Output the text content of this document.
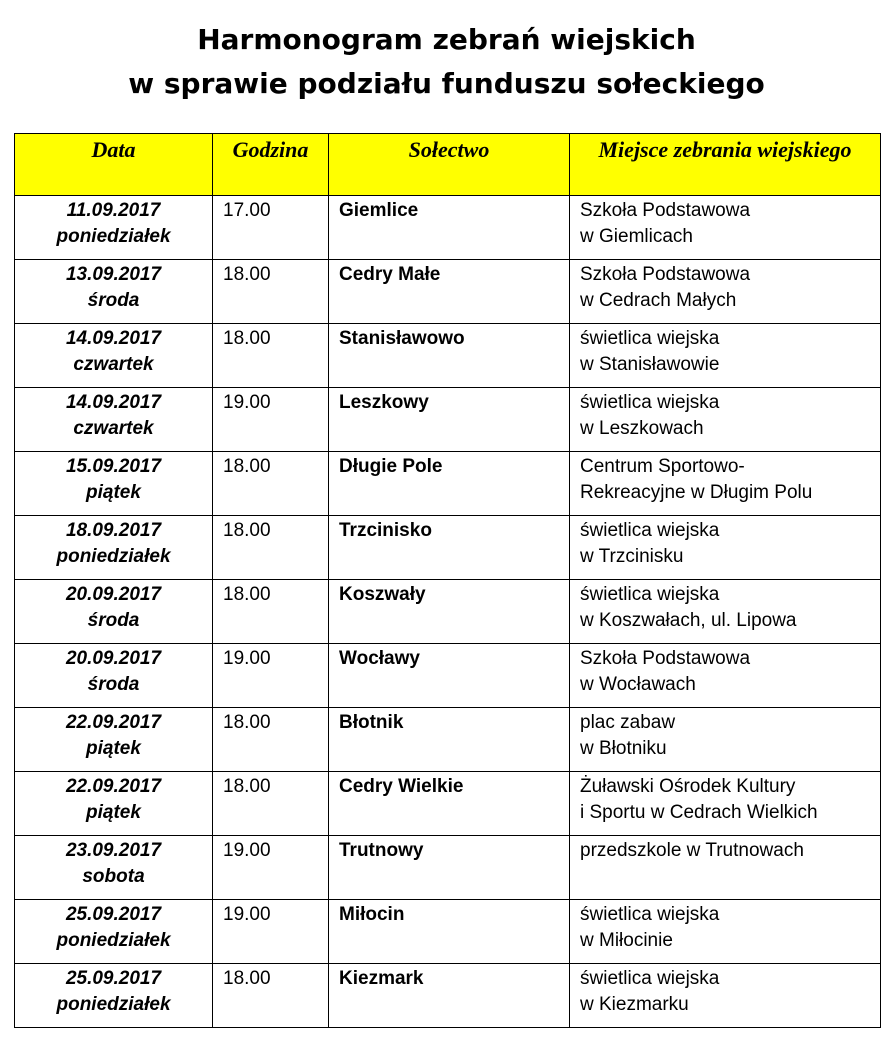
Harmonogram zebrań wiejskich
w sprawie podziału funduszu sołeckiego
Data	Godzina	Sołectwo	Miejsce zebrania wiejskiego

11.09.2017
poniedziałek	17.00	Giemlice	Szkoła Podstawowa
w Giemlicach

13.09.2017
środa	18.00	Cedry Małe	Szkoła Podstawowa
w Cedrach Małych

14.09.2017
czwartek	18.00	Stanisławowo	świetlica wiejska
w Stanisławowie

14.09.2017
czwartek	19.00	Leszkowy	świetlica wiejska
w Leszkowach

15.09.2017
piątek	18.00	Długie Pole	Centrum Sportowo-
Rekreacyjne w Długim Polu

18.09.2017
poniedziałek	18.00	Trzcinisko	świetlica wiejska
w Trzcinisku

20.09.2017
środa	18.00	Koszwały	świetlica wiejska
w Koszwałach, ul. Lipowa

20.09.2017
środa	19.00	Wocławy	Szkoła Podstawowa
w Wocławach

22.09.2017
piątek	18.00	Błotnik	plac zabaw
w Błotniku

22.09.2017
piątek	18.00	Cedry Wielkie	Żuławski Ośrodek Kultury
i Sportu w Cedrach Wielkich

23.09.2017
sobota	19.00	Trutnowy	przedszkole w Trutnowach

25.09.2017
poniedziałek	19.00	Miłocin	świetlica wiejska
w Miłocinie

25.09.2017
poniedziałek	18.00	Kiezmark	świetlica wiejska
w Kiezmarku
